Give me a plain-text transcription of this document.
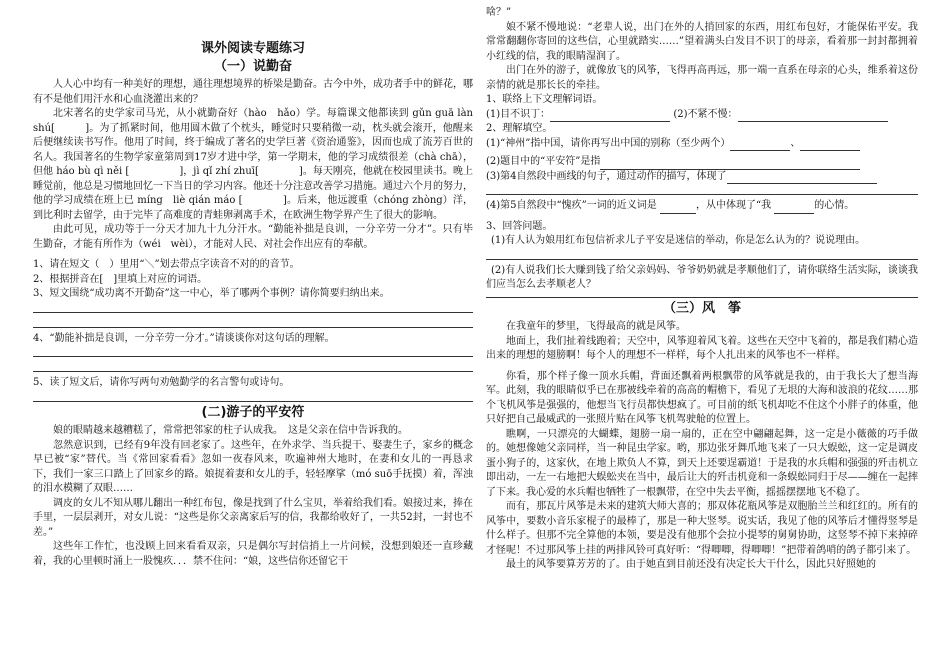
课外阅读专题练习
（一）说勤奋

人人心中均有一种美好的理想，通往理想境界的桥梁是勤奋。古今中外，成功者手中的鲜花，哪有不是他们用汗水和心血浇灌出来的？

北宋著名的史学家司马光，从小就勤奋好（hào　hǎo）学。每篇课文他都读到 gǔn guā làn shú[　　　]。为了抓紧时间，他用圆木做了个枕头，睡觉时只要稍微一动，枕头就会滚开，他醒来后便继续读书写作。他用了时间，终于编成了著名的史学巨著《资治通鉴》，因而也成了流芳百世的名人。我国著名的生物学家童第周到17岁才进中学，第一学期末，他的学习成绩很差（chà chā），但他 háo bù qì něi [　　　　　]，jì qǐ zhí zhuī[　　　　]。每天刚亮，他就在校园里读书。晚上睡觉前，他总是习惯地回忆一下当日的学习内容。他还十分注意改善学习措施。通过六个月的努力，他的学习成绩在班上已 míng　liè qián máo [　　　　]。后来，他远渡重（chóng zhòng）洋，到比利时去留学，由于完毕了高难度的青蛙卵剥离手术，在欧洲生物学界产生了很大的影响。

由此可见，成功等于一分天才加九十九分汗水。“勤能补拙是良训，一分辛劳一分才”。只有毕生勤奋，才能有所作为（wéi　wèi），才能对人民、对社会作出应有的奉献。

1、请在短文（　）里用“＼”划去带点字读音不对的的音节。

2、根据拼音在[　]里填上对应的词语。

3、短文围绕“成功离不开勤奋”这一中心，举了哪两个事例？请你简要归纳出来。

4、“勤能补拙是良训，一分辛劳一分才。”请谈谈你对这句话的理解。

5、读了短文后，请你写两句劝勉勤学的名言警句或诗句。

(二)游子的平安符

娘的眼睛越来越糟糕了，常常把邻家的柱子认成我。　这是父亲在信中告诉我的。

忽然意识到，已经有9年没有回老家了。这些年，在外求学、当兵提干、娶妻生子，家乡的概念早已被“家”替代。当《常回家看看》忽如一夜春风来，吹遍神州大地时，在妻和女儿的一再恳求下，我们一家三口踏上了回家乡的路。娘捉着妻和女儿的手，轻轻摩挲（mó suō手抚摸）着，浑浊的泪水模糊了双眼……

调皮的女儿不知从哪儿翻出一种红布包，像是找到了什么宝贝，举着给我们看。娘接过来，捧在手里，一层层剥开，对女儿说：“这些是你父亲离家后写的信，我都给收好了，一共52封，一封也不差。”

这些年工作忙，也没顾上回来看看双亲，只是偶尔写封信捎上一片问候，没想到娘还一直珍藏着，我的心里顿时涌上一股愧疚．．．禁不住问：“娘，这些信你还留它干

啥？”

娘不紧不慢地说：“老辈人说，出门在外的人捎回家的东西，用红布包好，才能保佑平安。我常常翻翻你寄回的这些信，心里就踏实……”望着满头白发目不识丁的母亲，看着那一封封都拥着小红线的信，我的眼睛湿润了。

出门在外的游子，就像放飞的风筝，飞得再高再远，那一端一直系在母亲的心头，维系着这份亲情的就是那长长的牵挂。

1、联络上下文理解词语。

(1)目不识丁：	(2)不紧不慢：

2、理解填空。

(1)“神州”指中国，请你再写出中国的别称（至少两个）	、

(2)题目中的“平安符”是指

(3)第4自然段中画线的句子，通过动作的描写，体现了

(4)第5自然段中“愧疚”一词的近义词是	，从中体现了“我	的心情。

3、回答问题。

(1)有人认为娘用红布包信祈求儿子平安是迷信的举动，你是怎么认为的？说说理由。

(2)有人说我们长大赚到钱了给父亲妈妈、爷爷奶奶就是孝顺他们了，请你联络生活实际，谈谈我们应当怎么去孝顺老人？

（三）风　筝

在我童年的梦里，飞得最高的就是风筝。

地面上，我们扯着线跑着；天空中，风筝迎着风飞着。这些在天空中飞着的，都是我们精心造出来的理想的翅膀啊！每个人的理想不一样样，每个人扎出来的风筝也不一样样。

你看，那个样子像一顶水兵帽，背面还飘着两根飘带的风筝就是我的，由于我长大了想当海军。此刻，我的眼睛似乎已在那被线牵着的高高的帽檐下，看见了无垠的大海和波浪的花纹……那个飞机风筝是强强的，他想当飞行员都快想疯了。可目前的纸飞机却吃不住这个小胖子的体重，他只好把自己最威武的一张照片贴在风筝飞机驾驶舱的位置上。

瞧啊，一只漂亮的大蝴蝶，翅膀一扇一扇的，正在空中翩翩起舞，这一定是小薇薇的巧手做的。她想像她父亲同样，当一种昆虫学家。哟，那边张牙舞爪地飞来了一只大蜈蚣，这一定是调皮蛋小狗子的，这家伙，在地上欺负人不算，到天上还要逞霸道！于是我的水兵帽和强强的歼击机立即出动，一左一右地把大蜈蚣夹在当中，最后让大的歼击机竟和一条蜈蚣同归于尽——缠在一起摔了下来。我心爱的水兵帽也牺牲了一根飘带，在空中失去平衡，摇摇摆摆地飞不稳了。

而有，那瓦片风筝是未来的建筑大师大喜的；那双体花瓶风筝是双胞胎兰兰和红红的。所有的风筝中，要数小音乐家棍子的最棒了，那是一种大竖琴。说实话，我见了他的风筝后才懂得竖琴是什么样子。但那不完全算他的本领，要是没有他那个会拉小提琴的舅舅协助，这竖琴不掉下来掉碎才怪呢！不过那风筝上挂的两排风铃可真好听：“得唧唧，得唧唧！”把带着鸽哨的鸽子都引来了。

最土的风筝要算芳芳的了。由于她直到目前还没有决定长大干什么，因此只好照她的
